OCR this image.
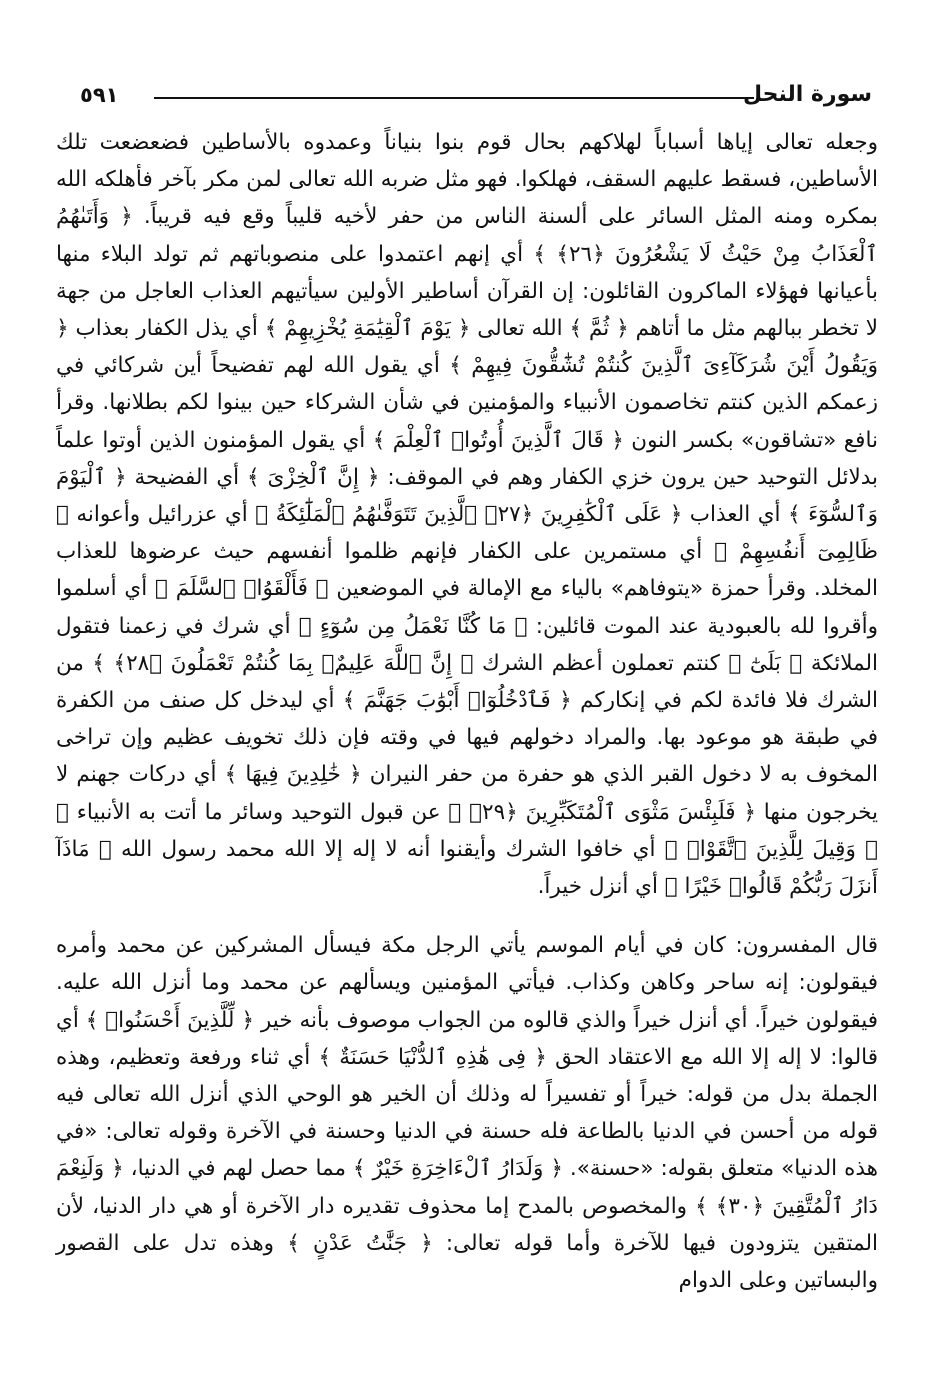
سورة النحل
٥٩١

وجعله تعالى إياها أسباباً لهلاكهم بحال قوم بنوا بنياناً وعمدوه بالأساطين فضعضعت تلك الأساطين، فسقط عليهم السقف، فهلكوا. فهو مثل ضربه الله تعالى لمن مكر بآخر فأهلكه الله بمكره ومنه المثل السائر على ألسنة الناس من حفر لأخيه قليباً وقع فيه قريباً. ﴿ وَأَتَىٰهُمُ ٱلْعَذَابُ مِنْ حَيْثُ لَا يَشْعُرُونَ ﴿٢٦﴾ ﴾ أي إنهم اعتمدوا على منصوباتهم ثم تولد البلاء منها بأعيانها فهؤلاء الماكرون القائلون: إن القرآن أساطير الأولين سيأتيهم العذاب العاجل من جهة لا تخطر ببالهم مثل ما أتاهم ﴿ ثُمَّ ﴾ الله تعالى ﴿ يَوْمَ ٱلْقِيَٰمَةِ يُخْزِيهِمْ ﴾ أي يذل الكفار بعذاب ﴿ وَيَقُولُ أَيْنَ شُرَكَآءِىَ ٱلَّذِينَ كُنتُمْ تُشَٰٓقُّونَ فِيهِمْ ﴾ أي يقول الله لهم تفضيحاً أين شركائي في زعمكم الذين كنتم تخاصمون الأنبياء والمؤمنين في شأن الشركاء حين بينوا لكم بطلانها. وقرأ نافع «تشاقون» بكسر النون ﴿ قَالَ ٱلَّذِينَ أُوتُوا۟ ٱلْعِلْمَ ﴾ أي يقول المؤمنون الذين أوتوا علماً بدلائل التوحيد حين يرون خزي الكفار وهم في الموقف: ﴿ إِنَّ ٱلْخِزْىَ ﴾ أي الفضيحة ﴿ ٱلْيَوْمَ وَٱلسُّوٓءَ ﴾ أي العذاب ﴿ عَلَى ٱلْكَٰفِرِينَ ﴿٢٧﴾ ٱلَّذِينَ تَتَوَفَّىٰهُمُ ٱلْمَلَٰٓئِكَةُ ﴾ أي عزرائيل وأعوانه ﴿ ظَالِمِىٓ أَنفُسِهِمْ ﴾ أي مستمرين على الكفار فإنهم ظلموا أنفسهم حيث عرضوها للعذاب المخلد. وقرأ حمزة «يتوفاهم» بالياء مع الإمالة في الموضعين ﴿ فَأَلْقَوُا۟ ٱلسَّلَمَ ﴾ أي أسلموا وأقروا لله بالعبودية عند الموت قائلين: ﴿ مَا كُنَّا نَعْمَلُ مِن سُوٓءٍ ﴾ أي شرك في زعمنا فتقول الملائكة ﴿ بَلَىٰٓ ﴾ كنتم تعملون أعظم الشرك ﴿ إِنَّ ٱللَّهَ عَلِيمٌۢ بِمَا كُنتُمْ تَعْمَلُونَ ﴿٢٨﴾ ﴾ من الشرك فلا فائدة لكم في إنكاركم ﴿ فَٱدْخُلُوٓا۟ أَبْوَٰبَ جَهَنَّمَ ﴾ أي ليدخل كل صنف من الكفرة في طبقة هو موعود بها. والمراد دخولهم فيها في وقته فإن ذلك تخويف عظيم وإن تراخى المخوف به لا دخول القبر الذي هو حفرة من حفر النيران ﴿ خَٰلِدِينَ فِيهَا ﴾ أي دركات جهنم لا يخرجون منها ﴿ فَلَبِئْسَ مَثْوَى ٱلْمُتَكَبِّرِينَ ﴿٢٩﴾ ﴾ عن قبول التوحيد وسائر ما أتت به الأنبياء ﴿ ۞ وَقِيلَ لِلَّذِينَ ٱتَّقَوْا۟ ﴾ أي خافوا الشرك وأيقنوا أنه لا إله إلا الله محمد رسول الله ﴿ مَاذَآ أَنزَلَ رَبُّكُمْ قَالُوا۟ خَيْرًا ﴾ أي أنزل خيراً.

قال المفسرون: كان في أيام الموسم يأتي الرجل مكة فيسأل المشركين عن محمد وأمره فيقولون: إنه ساحر وكاهن وكذاب. فيأتي المؤمنين ويسألهم عن محمد وما أنزل الله عليه. فيقولون خيراً. أي أنزل خيراً والذي قالوه من الجواب موصوف بأنه خير ﴿ لِّلَّذِينَ أَحْسَنُوا۟ ﴾ أي قالوا: لا إله إلا الله مع الاعتقاد الحق ﴿ فِى هَٰذِهِ ٱلدُّنْيَا حَسَنَةٌ ﴾ أي ثناء ورفعة وتعظيم، وهذه الجملة بدل من قوله: خيراً أو تفسيراً له وذلك أن الخير هو الوحي الذي أنزل الله تعالى فيه قوله من أحسن في الدنيا بالطاعة فله حسنة في الدنيا وحسنة في الآخرة وقوله تعالى: «في هذه الدنيا» متعلق بقوله: «حسنة». ﴿ وَلَدَارُ ٱلْءَاخِرَةِ خَيْرٌ ﴾ مما حصل لهم في الدنيا، ﴿ وَلَنِعْمَ دَارُ ٱلْمُتَّقِينَ ﴿٣٠﴾ ﴾ والمخصوص بالمدح إما محذوف تقديره دار الآخرة أو هي دار الدنيا، لأن المتقين يتزودون فيها للآخرة وأما قوله تعالى: ﴿ جَنَّٰتُ عَدْنٍ ﴾ وهذه تدل على القصور والبساتين وعلى الدوام
